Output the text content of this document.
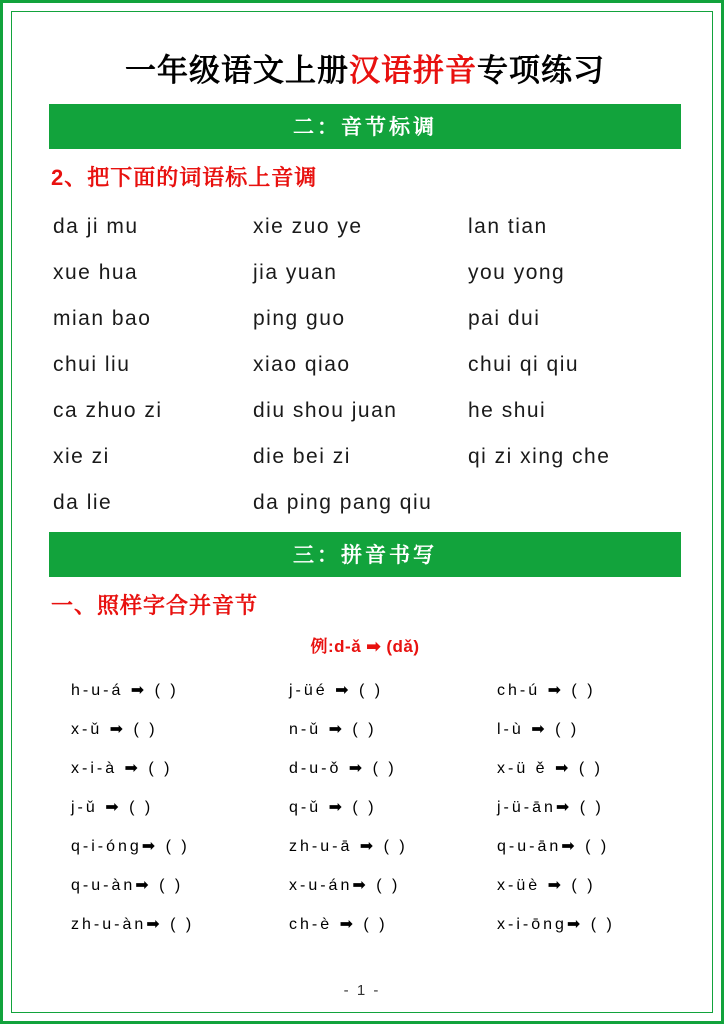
一年级语文上册汉语拼音专项练习
二：音节标调
2、把下面的词语标上音调
da ji mu	xie zuo ye	lan tian
xue hua	jia yuan	you yong
mian bao	ping guo	pai dui
chui liu	xiao qiao	chui qi qiu
ca zhuo zi	diu shou juan	he shui
xie zi	die bei zi	qi zi xing che
da lie	da ping pang qiu
三：拼音书写
一、照样字合并音节
例:d-ǎ ➡ (dǎ)
h-u-á ➡ ( )	j-üé ➡ ( )	ch-ú ➡ ( )
x-ǔ ➡ ( )	n-ǔ ➡ ( )	l-ù ➡ ( )
x-i-à ➡ ( )	d-u-ǒ ➡ ( )	x-ü ě ➡ ( )
j-ǔ ➡ ( )	q-ǔ ➡ ( )	j-ü-ān➡ ( )
q-i-óng➡ ( )	zh-u-ā ➡ ( )	q-u-ān➡ ( )
q-u-àn➡ ( )	x-u-án➡ ( )	x-üè ➡ ( )
zh-u-àn➡ ( )	ch-è ➡ ( )	x-i-ōng➡ ( )
- 1 -
